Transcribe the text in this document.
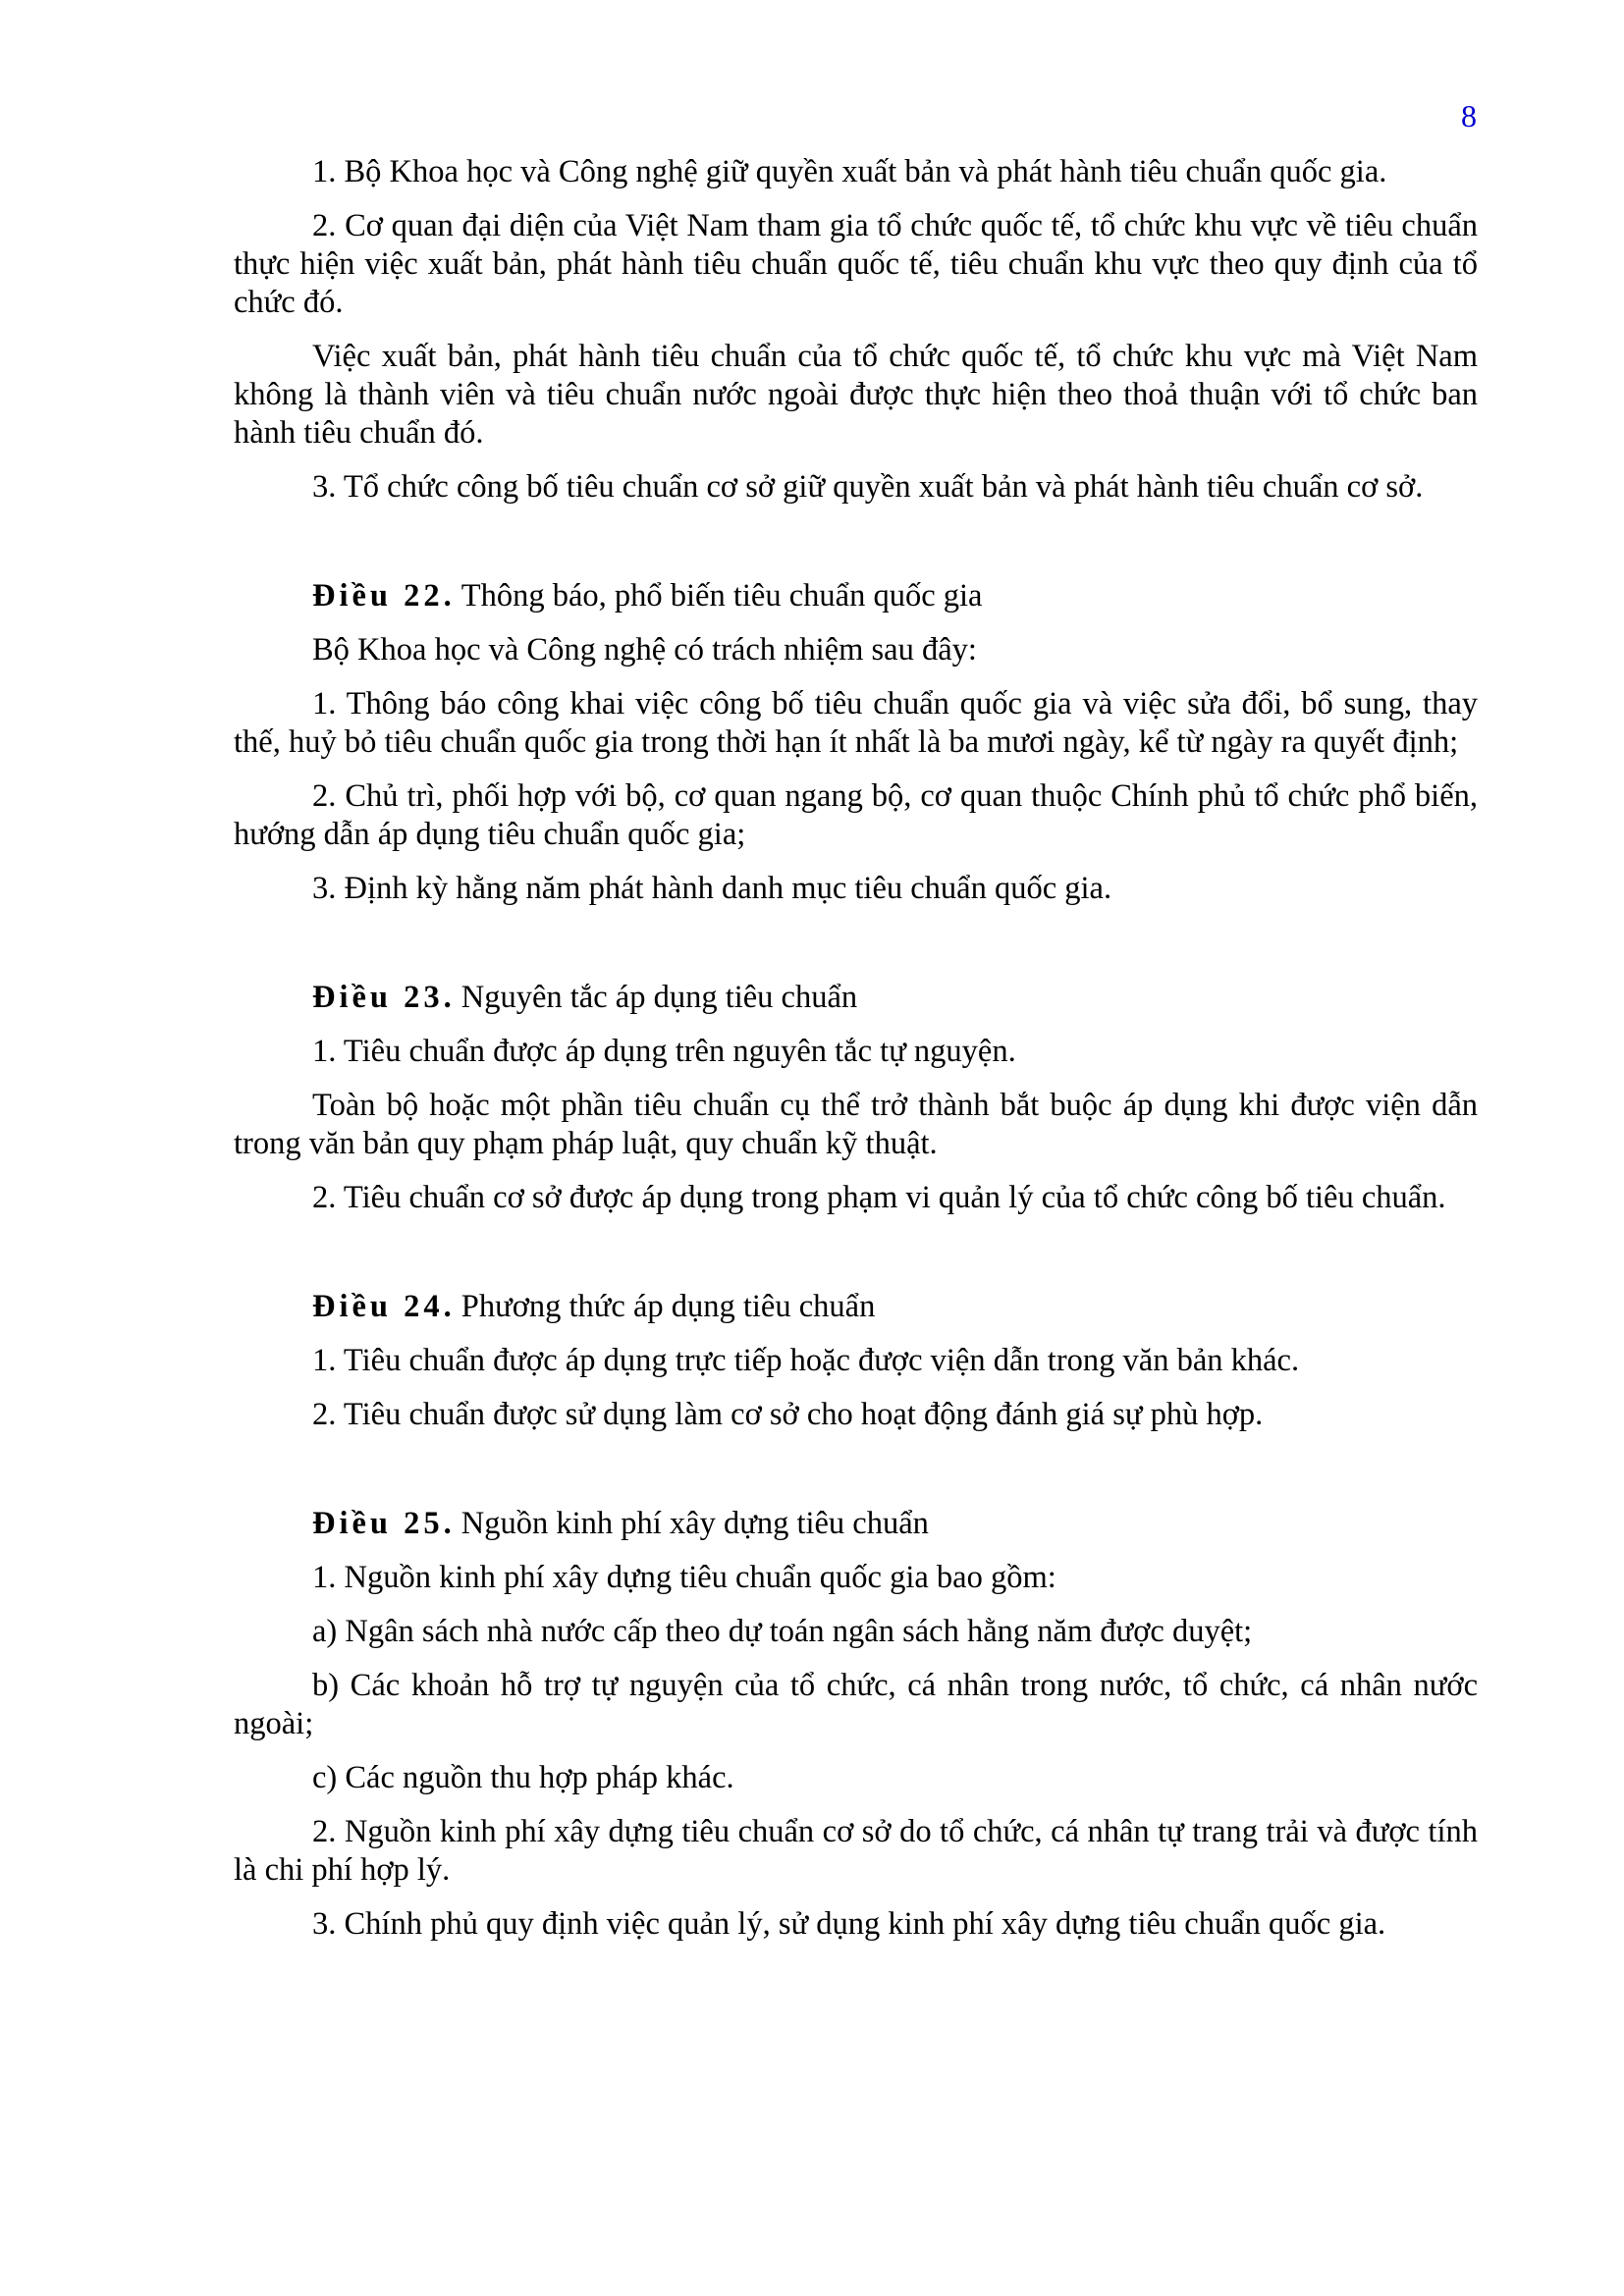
8

1. Bộ Khoa học và Công nghệ giữ quyền xuất bản và phát hành tiêu chuẩn quốc gia.

2. Cơ quan đại diện của Việt Nam tham gia tổ chức quốc tế, tổ chức khu vực về tiêu chuẩn thực hiện việc xuất bản, phát hành tiêu chuẩn quốc tế, tiêu chuẩn khu vực theo quy định của tổ chức đó.

Việc xuất bản, phát hành tiêu chuẩn của tổ chức quốc tế, tổ chức khu vực mà Việt Nam không là thành viên và tiêu chuẩn nước ngoài được thực hiện theo thoả thuận với tổ chức ban hành tiêu chuẩn đó.

3. Tổ chức công bố tiêu chuẩn cơ sở giữ quyền xuất bản và phát hành tiêu chuẩn cơ sở.

Điều 22. Thông báo, phổ biến tiêu chuẩn quốc gia

Bộ Khoa học và Công nghệ có trách nhiệm sau đây:

1. Thông báo công khai việc công bố tiêu chuẩn quốc gia và việc sửa đổi, bổ sung, thay thế, huỷ bỏ tiêu chuẩn quốc gia trong thời hạn ít nhất là ba mươi ngày, kể từ ngày ra quyết định;

2. Chủ trì, phối hợp với bộ, cơ quan ngang bộ, cơ quan thuộc Chính phủ tổ chức phổ biến, hướng dẫn áp dụng tiêu chuẩn quốc gia;

3. Định kỳ hằng năm phát hành danh mục tiêu chuẩn quốc gia.

Điều 23. Nguyên tắc áp dụng tiêu chuẩn

1. Tiêu chuẩn được áp dụng trên nguyên tắc tự nguyện.

Toàn bộ hoặc một phần tiêu chuẩn cụ thể trở thành bắt buộc áp dụng khi được viện dẫn trong văn bản quy phạm pháp luật, quy chuẩn kỹ thuật.

2. Tiêu chuẩn cơ sở được áp dụng trong phạm vi quản lý của tổ chức công bố tiêu chuẩn.

Điều 24. Phương thức áp dụng tiêu chuẩn

1. Tiêu chuẩn được áp dụng trực tiếp hoặc được viện dẫn trong văn bản khác.

2. Tiêu chuẩn được sử dụng làm cơ sở cho hoạt động đánh giá sự phù hợp.

Điều 25. Nguồn kinh phí xây dựng tiêu chuẩn

1. Nguồn kinh phí xây dựng tiêu chuẩn quốc gia bao gồm:

a) Ngân sách nhà nước cấp theo dự toán ngân sách hằng năm được duyệt;

b) Các khoản hỗ trợ tự nguyện của tổ chức, cá nhân trong nước, tổ chức, cá nhân nước ngoài;

c) Các nguồn thu hợp pháp khác.

2. Nguồn kinh phí xây dựng tiêu chuẩn cơ sở do tổ chức, cá nhân tự trang trải và được tính là chi phí hợp lý.

3. Chính phủ quy định việc quản lý, sử dụng kinh phí xây dựng tiêu chuẩn quốc gia.
